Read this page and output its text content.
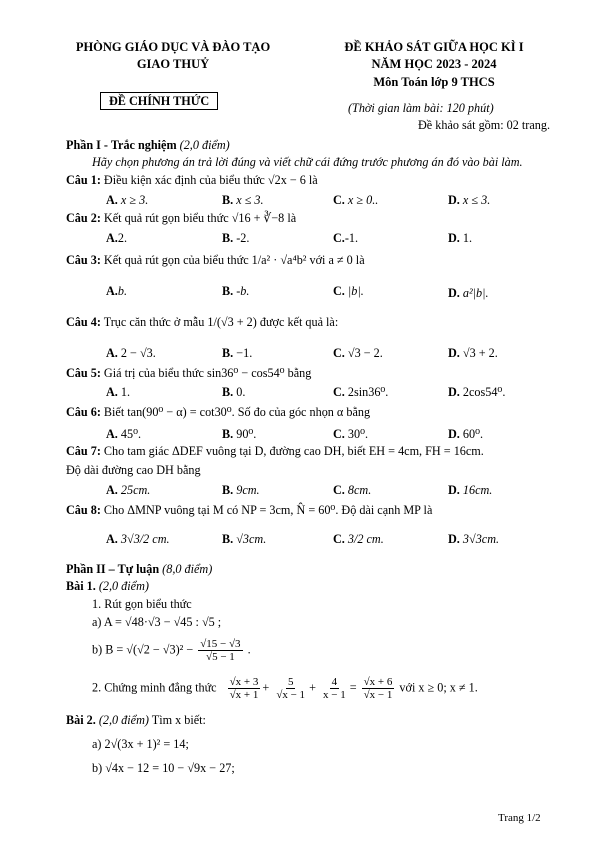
PHÒNG GIÁO DỤC VÀ ĐÀO TẠO
GIAO THUỶ
ĐỀ CHÍNH THỨC
ĐỀ KHẢO SÁT GIỮA HỌC KÌ I
NĂM HỌC 2023 - 2024
Môn Toán lớp 9 THCS
(Thời gian làm bài: 120 phút)
Đề khảo sát gồm: 02 trang.
Phần I - Trắc nghiệm (2,0 điểm)
Hãy chọn phương án trả lời đúng và viết chữ cái đứng trước phương án đó vào bài làm.
Câu 1: Điều kiện xác định của biểu thức √2x − 6 là
A. x ≥ 3.	B. x ≤ 3.	C. x ≥ 0..	D. x ≤ 3.
Câu 2: Kết quả rút gọn biểu thức √16 + ∛−8 là
A.2.	B. -2.	C.-1.	D. 1.
Câu 3: Kết quả rút gọn của biểu thức 1/a² · √a⁴b² với a ≠ 0 là
A.b.	B. -b.	C. |b|.	D. a²|b|.
Câu 4: Trục căn thức ở mẫu 1/(√3 + 2) được kết quả là:
A. 2 − √3.	B. −1.	C. √3 − 2.	D. √3 + 2.
Câu 5: Giá trị của biểu thức sin36⁰ − cos54⁰ bằng
A. 1.	B. 0.	C. 2sin36⁰.	D. 2cos54⁰.
Câu 6: Biết tan(90⁰ − α) = cot30⁰. Số đo của góc nhọn α bằng
A. 45⁰.	B. 90⁰.	C. 30⁰.	D. 60⁰.
Câu 7: Cho tam giác ΔDEF vuông tại D, đường cao DH, biết EH = 4cm, FH = 16cm.
Độ dài đường cao DH bằng
A. 25cm.	B. 9cm.	C. 8cm.	D. 16cm.
Câu 8: Cho ΔMNP vuông tại M có NP = 3cm, N̂ = 60⁰. Độ dài cạnh MP là
A. 3√3/2 cm.	B. √3cm.	C. 3/2 cm.	D. 3√3cm.
Phần II – Tự luận (8,0 điểm)
Bài 1. (2,0 điểm)
1. Rút gọn biểu thức
a) A = √48·√3 − √45 : √5 ;
b) $B = √(√2 - √3)^2 - \frac{√15 - √3}{√5 - 1}$ .
2. Chứng minh đẳng thức $\frac{√x + 3}{√x + 1} + \frac{5}{√x - 1} + \frac{4}{x - 1} = \frac{√x + 6}{√x - 1}$ với x ≥ 0; x ≠ 1.
Bài 2. (2,0 điểm) Tìm x biết:
a) 2√(3x + 1)² = 14;
b) √4x − 12 = 10 − √9x − 27;
Trang 1/2
